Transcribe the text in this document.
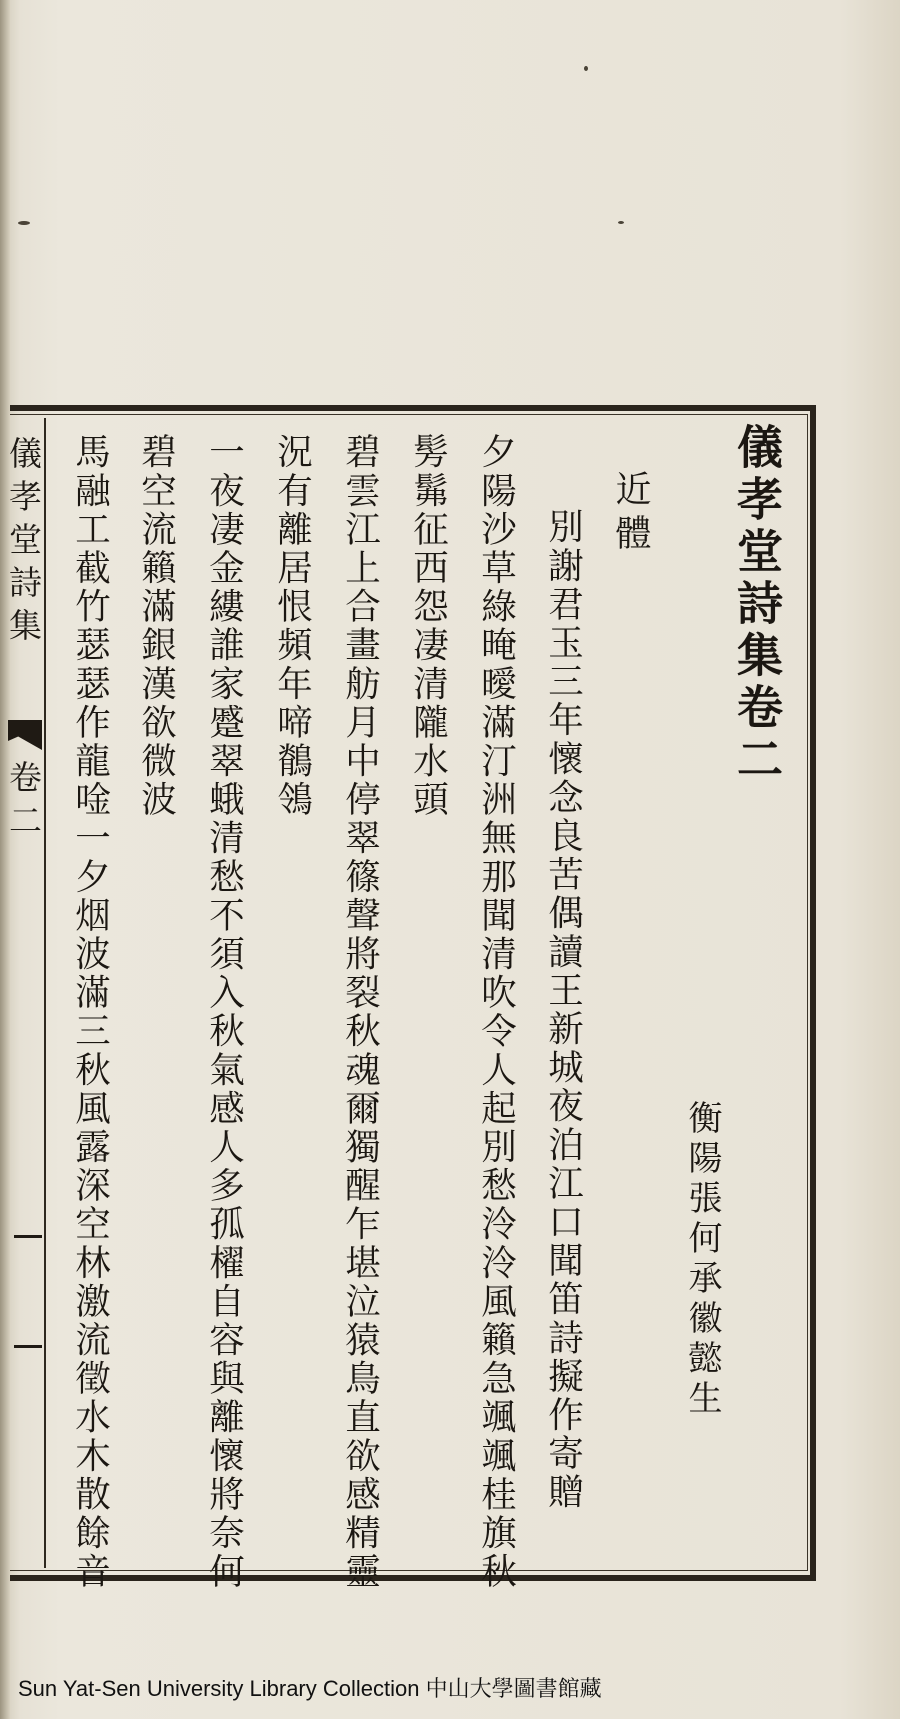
儀孝堂詩集
卷二
儀孝堂詩集卷二
衡陽張何承徽懿生
近體
別謝君玉三年懷念良苦偶讀王新城夜泊江口聞笛詩擬作寄贈
夕陽沙草綠晻曖滿汀洲無那聞清吹令人起別愁泠泠風籟急颯颯桂旗秋
髣髴征西怨凄清隴水頭
碧雲江上合畫舫月中停翠篠聲將裂秋魂爾獨醒乍堪泣猿鳥直欲感精靈
況有離居恨頻年啼鶺鴒
一夜凄金縷誰家蹙翠蛾清愁不須入秋氣感人多孤櫂自容與離懷將奈何
碧空流籟滿銀漢欲微波
馬融工截竹瑟瑟作龍唫一夕烟波滿三秋風露深空林激流徵水木散餘音
Sun Yat-Sen University Library Collection 中山大學圖書館藏
